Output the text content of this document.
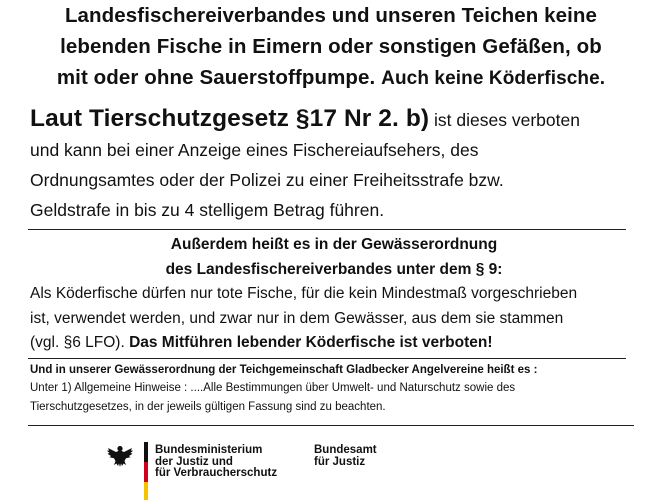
Landesfischereiverbandes und unseren Teichen keine
lebenden Fische in Eimern oder sonstigen Gefäßen, ob
mit oder ohne Sauerstoffpumpe. Auch keine Köderfische.
Laut Tierschutzgesetz §17 Nr 2. b) ist dieses verboten
und kann bei einer Anzeige eines Fischereiaufsehers, des
Ordnungsamtes oder der Polizei zu einer Freiheitsstrafe bzw.
Geldstrafe in bis zu 4 stelligem Betrag führen.
Außerdem heißt es in der Gewässerordnung
des Landesfischereiverbandes unter dem § 9:
Als Köderfische dürfen nur tote Fische, für die kein Mindestmaß vorgeschrieben
ist, verwendet werden, und zwar nur in dem Gewässer, aus dem sie stammen
(vgl. §6 LFO). Das Mitführen lebender Köderfische ist verboten!
Und in unserer Gewässerordnung der Teichgemeinschaft Gladbecker Angelvereine heißt es :
Unter 1) Allgemeine Hinweise : ....Alle Bestimmungen über Umwelt- und Naturschutz sowie des
Tierschutzgesetzes, in der jeweils gültigen Fassung sind zu beachten.
Bundesministerium
der Justiz und
für Verbraucherschutz
Bundesamt
für Justiz
